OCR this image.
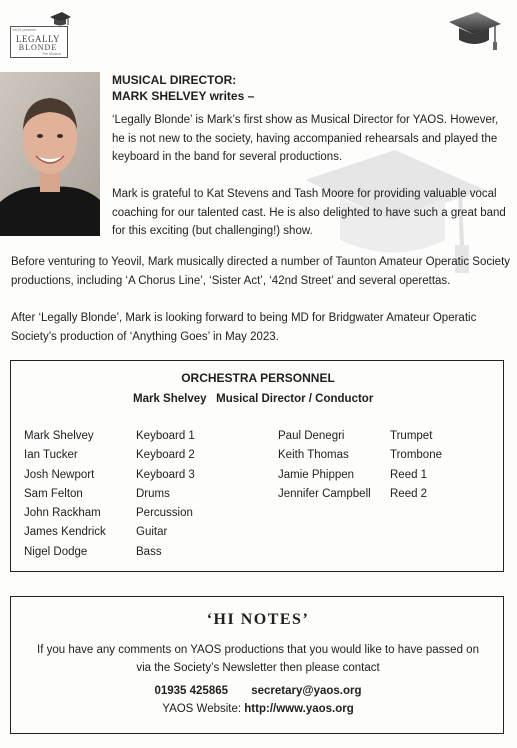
YAOS presents
LEGALLY
BLONDE
The Musical
MUSICAL DIRECTOR:
MARK SHELVEY writes –
‘Legally Blonde’ is Mark’s first show as Musical Director for YAOS. However, he is not new to the society, having accompanied rehearsals and played the keyboard in the band for several productions.
Mark is grateful to Kat Stevens and Tash Moore for providing valuable vocal coaching for our talented cast. He is also delighted to have such a great band for this exciting (but challenging!) show.
Before venturing to Yeovil, Mark musically directed a number of Taunton Amateur Operatic Society productions, including ‘A Chorus Line’, ‘Sister Act’, ‘42nd Street’ and several operettas.
After ‘Legally Blonde’, Mark is looking forward to being MD for Bridgwater Amateur Operatic Society’s production of ‘Anything Goes’ in May 2023.
ORCHESTRA PERSONNEL
Mark Shelvey Musical Director / Conductor
Mark Shelvey
Ian Tucker
Josh Newport
Sam Felton
John Rackham
James Kendrick
Nigel Dodge
Keyboard 1
Keyboard 2
Keyboard 3
Drums
Percussion
Guitar
Bass
Paul Denegri
Keith Thomas
Jamie Phippen
Jennifer Campbell
Trumpet
Trombone
Reed 1
Reed 2
‘HI NOTES’
If you have any comments on YAOS productions that you would like to have passed on via the Society’s Newsletter then please contact
01935 425865 secretary@yaos.org
YAOS Website: http://www.yaos.org
